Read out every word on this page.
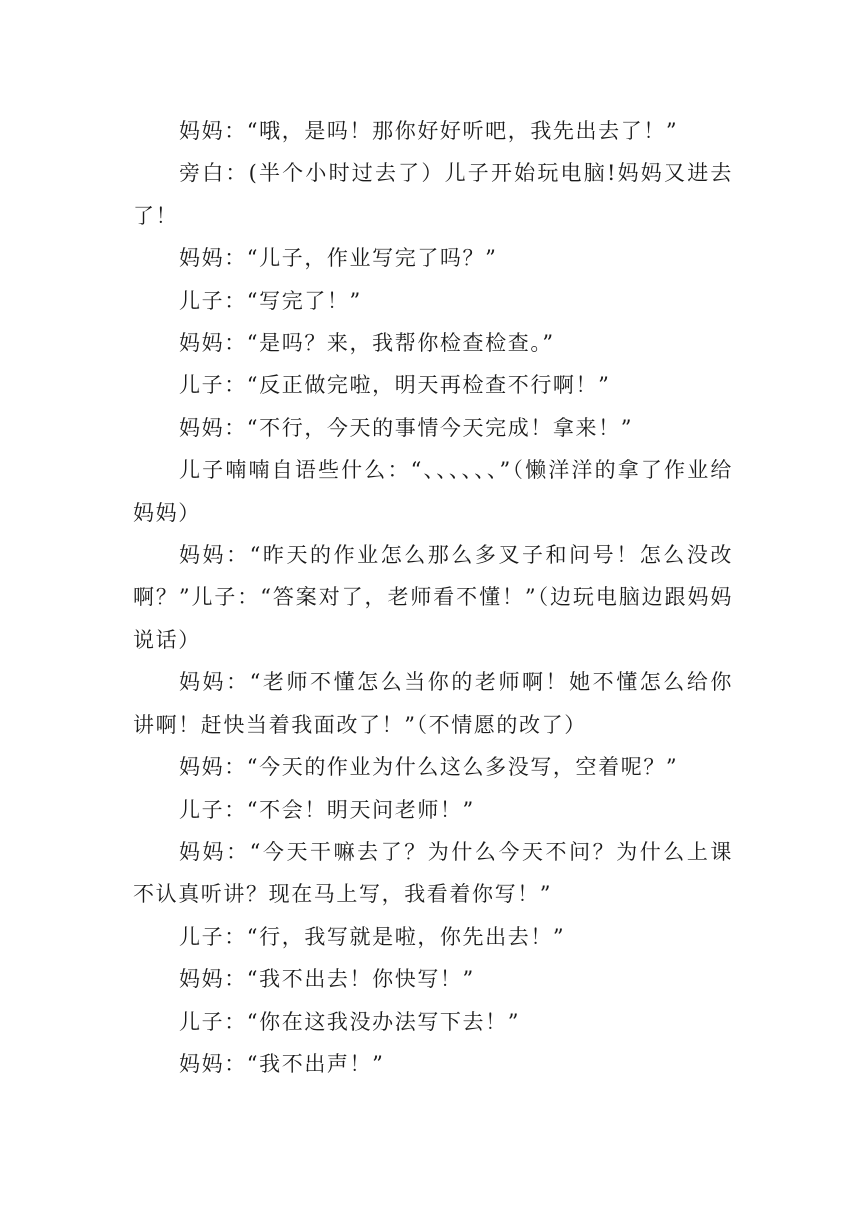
妈妈：“哦，是吗！那你好好听吧，我先出去了！”

旁白：(半个小时过去了）儿子开始玩电脑!妈妈又进去了！

妈妈：“儿子，作业写完了吗？”

儿子：“写完了！”

妈妈：“是吗？来，我帮你检查检查。”

儿子：“反正做完啦，明天再检查不行啊！”

妈妈：“不行，今天的事情今天完成！拿来！”

儿子喃喃自语些什么：“、、、、、、”（懒洋洋的拿了作业给妈妈）

妈妈：“昨天的作业怎么那么多叉子和问号！怎么没改啊？”儿子：“答案对了，老师看不懂！”（边玩电脑边跟妈妈说话）

妈妈：“老师不懂怎么当你的老师啊！她不懂怎么给你讲啊！赶快当着我面改了！”（不情愿的改了）

妈妈：“今天的作业为什么这么多没写，空着呢？”

儿子：“不会！明天问老师！”

妈妈：“今天干嘛去了？为什么今天不问？为什么上课不认真听讲？现在马上写，我看着你写！”

儿子：“行，我写就是啦，你先出去！”

妈妈：“我不出去！你快写！”

儿子：“你在这我没办法写下去！”

妈妈：“我不出声！”
